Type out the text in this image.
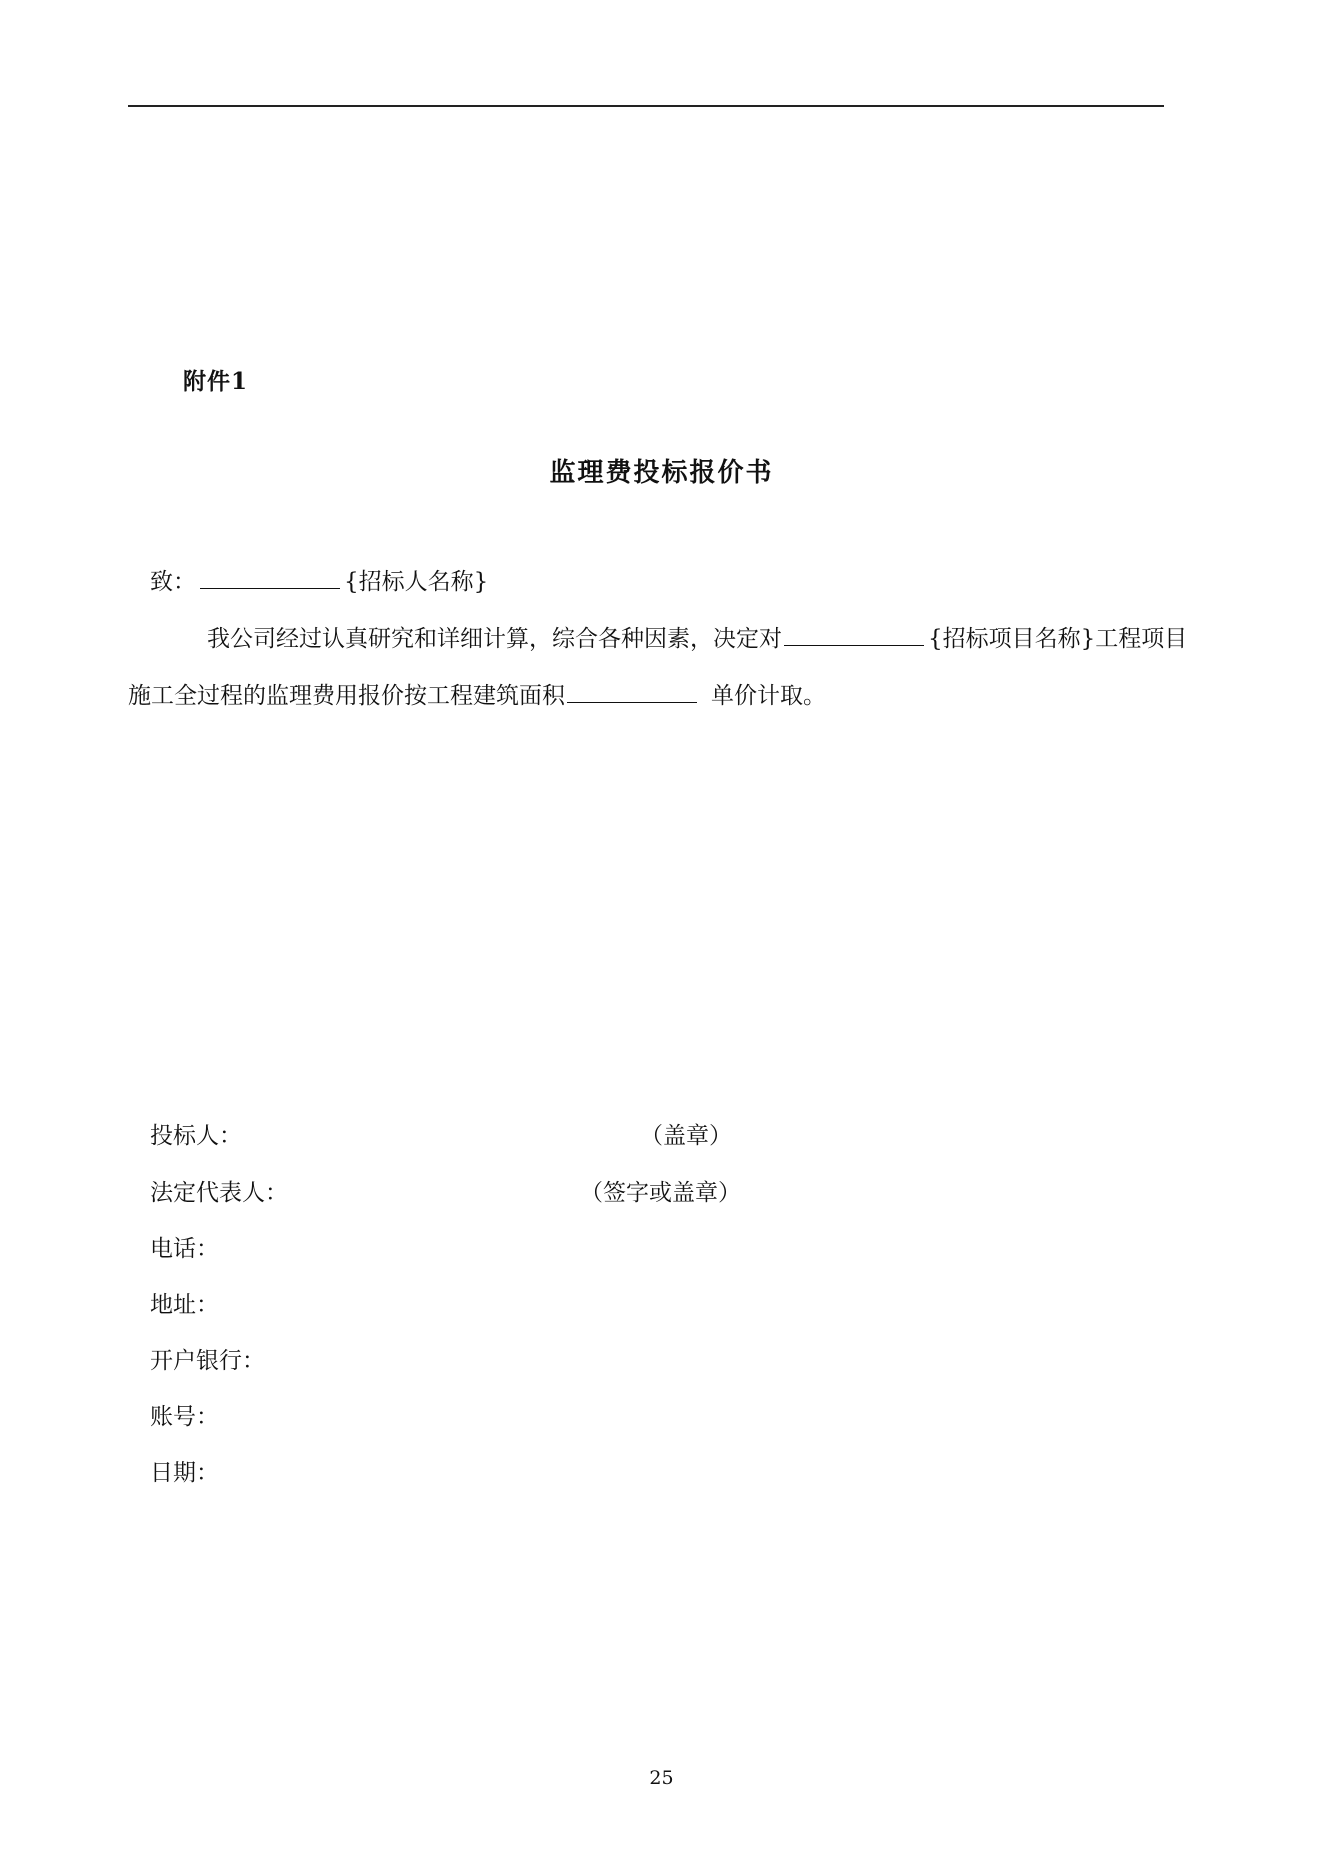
附件1
监理费投标报价书
致：	{招标人名称}
我公司经过认真研究和详细计算，综合各种因素，决定对	{招标项目名称}工程项目
施工全过程的监理费用报价按工程建筑面积	单价计取。
投标人：	（盖章）
法定代表人：	（签字或盖章）
电话：
地址：
开户银行：
账号：
日期：
25
